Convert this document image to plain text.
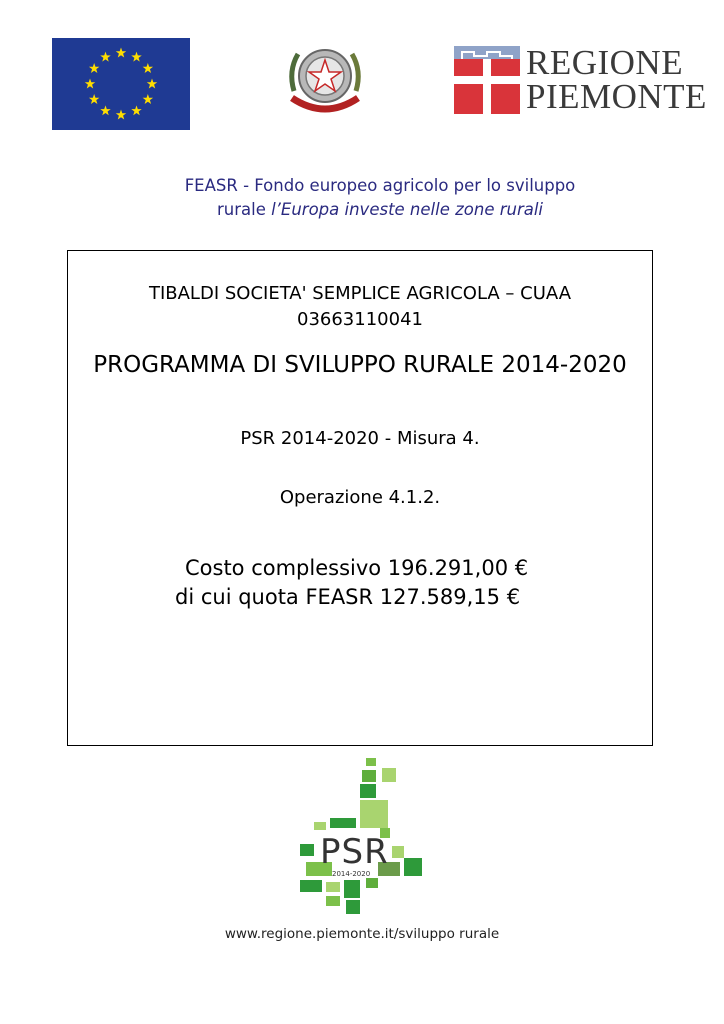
REGIONE
PIEMONTE
FEASR - Fondo europeo agricolo per lo sviluppo
rurale l’Europa investe nelle zone rurali
TIBALDI SOCIETA' SEMPLICE AGRICOLA – CUAA
03663110041
PROGRAMMA DI SVILUPPO RURALE 2014-2020
PSR 2014-2020 - Misura 4.
Operazione 4.1.2.
Costo complessivo 196.291,00 €
di cui quota FEASR 127.589,15 €
PSR
2014-2020
www.regione.piemonte.it/sviluppo rurale
